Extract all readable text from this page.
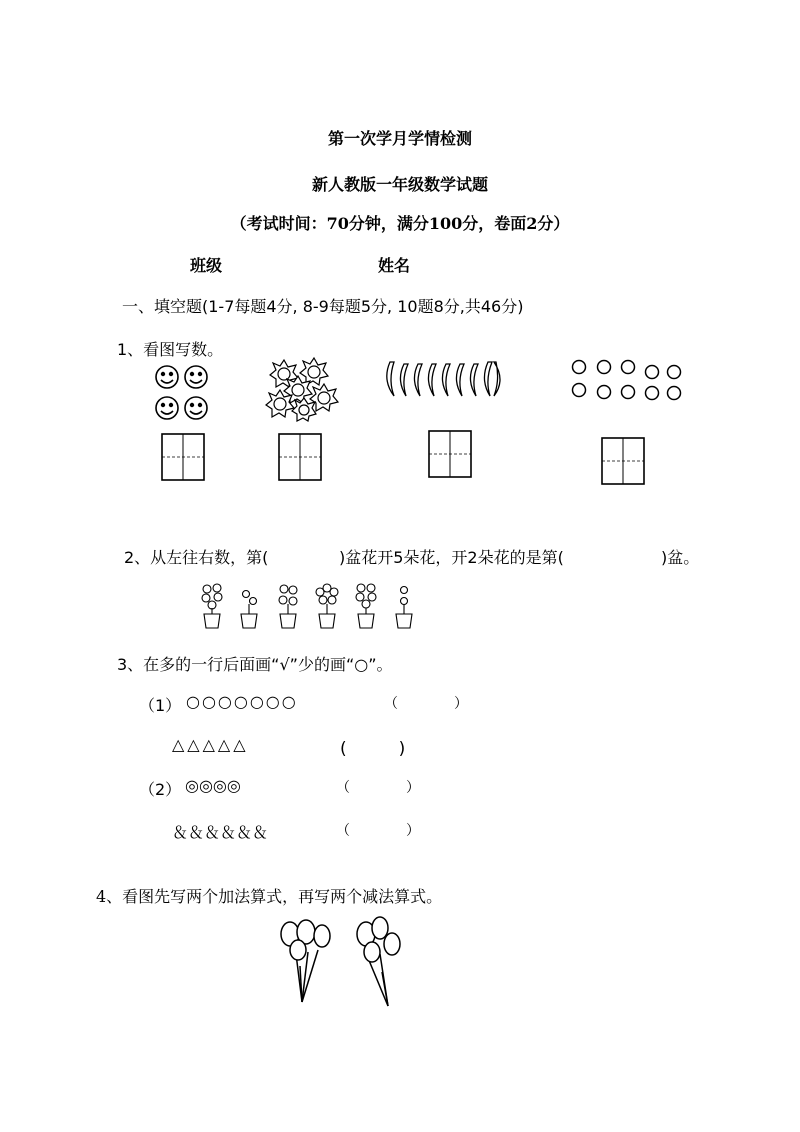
第一次学月学情检测
新人教版一年级数学试题
（考试时间：70分钟，满分100分，卷面2分）
班级	姓名
一、填空题(1-7每题4分, 8-9每题5分, 10题8分,共46分)
1、看图写数。
2、从左往右数，第(	)盆花开5朵花，开2朵花的是第(	)盆。
3、在多的一行后面画“√”少的画“○”。
（1） ○○○○○○○	（　　　　）
△△△△△	(　　)
（2） ◎◎◎◎	（　　　　）
＆＆＆＆＆＆	（　　　　）
4、看图先写两个加法算式，再写两个减法算式。
